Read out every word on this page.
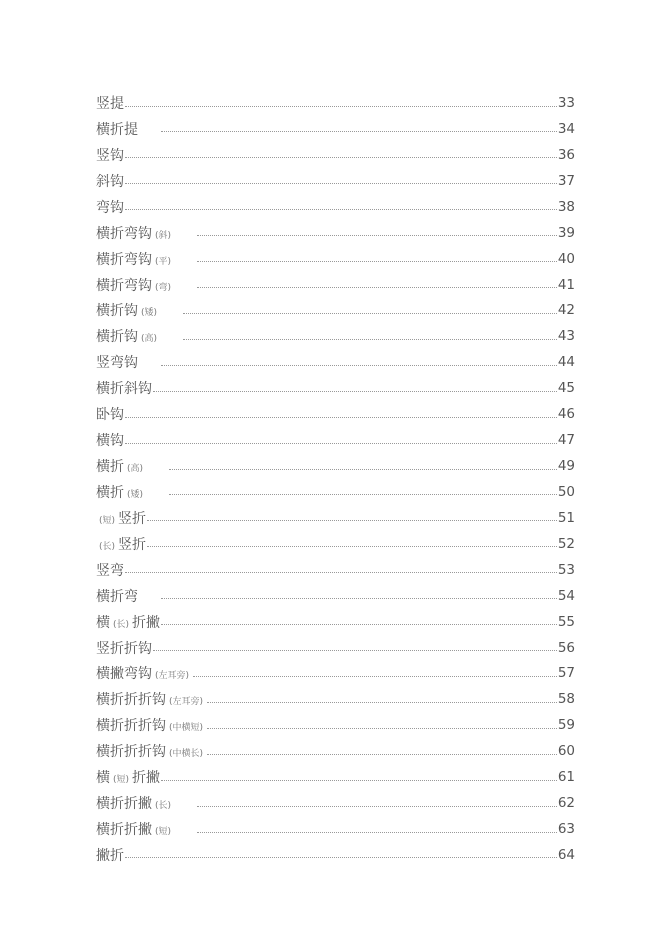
竖提	33
横折提	34
竖钩	36
斜钩	37
弯钩	38
横折弯钩 (斜)	39
横折弯钩 (平)	40
横折弯钩 (弯)	41
横折钩 (矮)	42
横折钩 (高)	43
竖弯钩	44
横折斜钩	45
卧钩	46
横钩	47
横折 (高)	49
横折 (矮)	50
(短) 竖折	51
(长) 竖折	52
竖弯	53
横折弯	54
横 (长) 折撇	55
竖折折钩	56
横撇弯钩 (左耳旁)	57
横折折折钩 (左耳旁)	58
横折折折钩 (中横短)	59
横折折折钩 (中横长)	60
横 (短) 折撇	61
横折折撇 (长)	62
横折折撇 (短)	63
撇折	64
